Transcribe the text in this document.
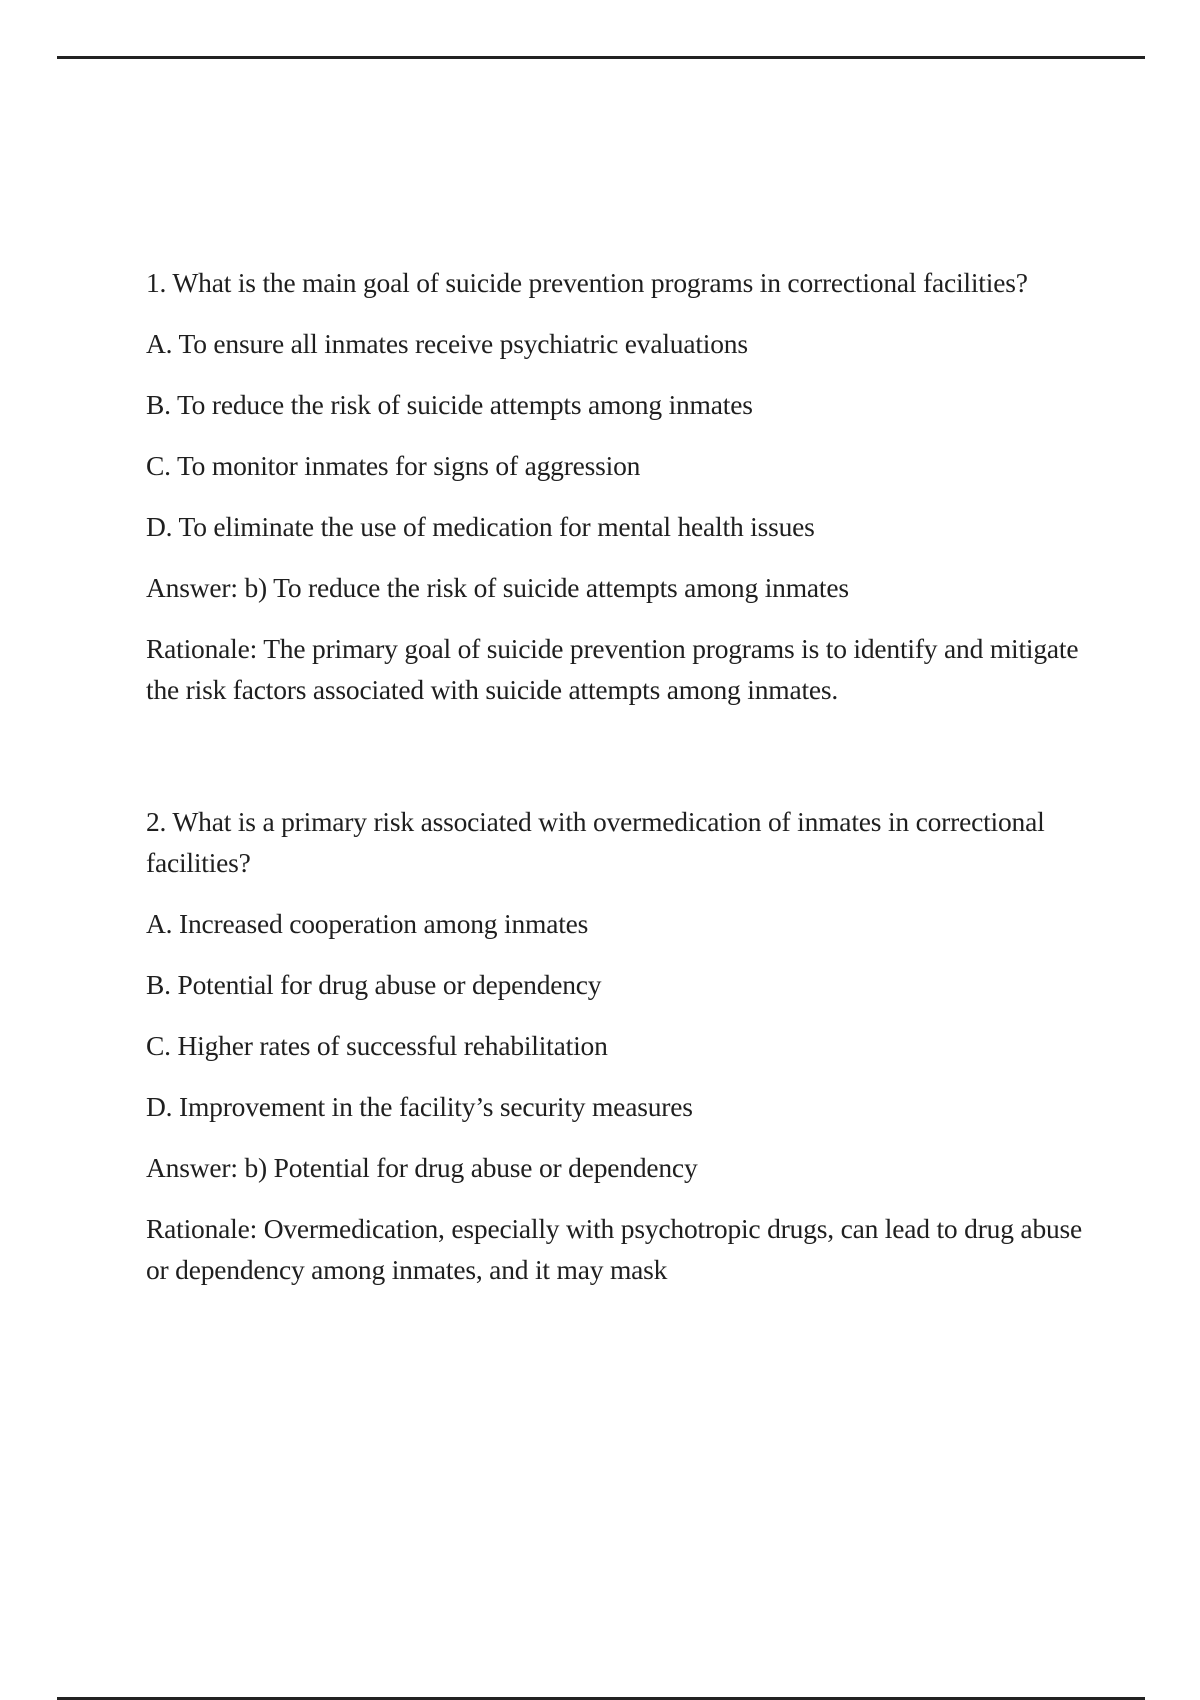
1. What is the main goal of suicide prevention programs in correctional facilities?

A. To ensure all inmates receive psychiatric evaluations

B. To reduce the risk of suicide attempts among inmates

C. To monitor inmates for signs of aggression

D. To eliminate the use of medication for mental health issues

Answer: b) To reduce the risk of suicide attempts among inmates

Rationale: The primary goal of suicide prevention programs is to identify and mitigate the risk factors associated with suicide attempts among inmates.

2. What is a primary risk associated with overmedication of inmates in correctional facilities?

A. Increased cooperation among inmates

B. Potential for drug abuse or dependency

C. Higher rates of successful rehabilitation

D. Improvement in the facility’s security measures

Answer: b) Potential for drug abuse or dependency

Rationale: Overmedication, especially with psychotropic drugs, can lead to drug abuse or dependency among inmates, and it may mask
